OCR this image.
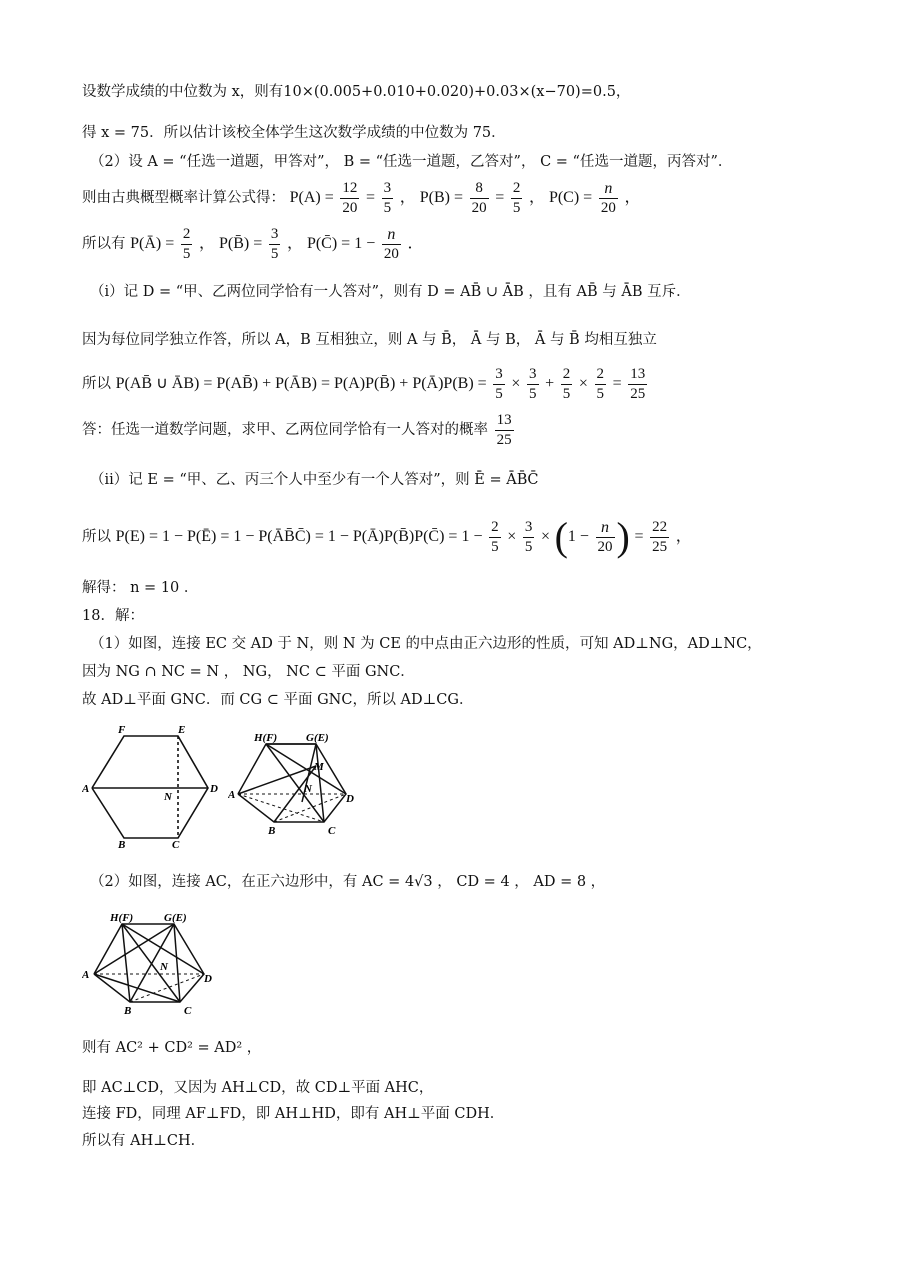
设数学成绩的中位数为 x，则有10×(0.005+0.010+0.020)+0.03×(x−70)=0.5，
得 x = 75．所以估计该校全体学生这次数学成绩的中位数为 75．
（2）设 A = “任选一道题，甲答对”， B = “任选一道题，乙答对”， C = “任选一道题，丙答对”．
则由古典概型概率计算公式得： $P(A) = \frac{12}{20} = \frac{3}{5}$ ， $P(B) = \frac{8}{20} = \frac{2}{5}$ ， $P(C) = \frac{n}{20}$ ，
所以有 P(Ā) = $\frac{2}{5}$ ， P(B̄) = $\frac{3}{5}$ ， P(C̄) = $1 - \frac{n}{20}$ ．
（i）记 D = “甲、乙两位同学恰有一人答对”，则有 D = AB̄ ∪ ĀB ，且有 AB̄ 与 ĀB 互斥．
因为每位同学独立作答，所以 A，B 互相独立，则 A 与 B̄， Ā 与 B， Ā 与 B̄ 均相互独立
所以 P(AB̄ ∪ ĀB) = P(AB̄) + P(ĀB) = P(A)P(B̄) + P(Ā)P(B) = $\frac{3}{5} \times \frac{3}{5} + \frac{2}{5} \times \frac{2}{5} = \frac{13}{25}$
答：任选一道数学问题，求甲、乙两位同学恰有一人答对的概率 $\frac{13}{25}$
（ii）记 E = “甲、乙、丙三个人中至少有一个人答对”，则 Ē = ĀB̄C̄
所以 P(E) = 1 − P(Ē) = 1 − P(ĀB̄C̄) = 1 − P(Ā)P(B̄)P(C̄) = $1 - \frac{2}{5} \times \frac{3}{5} \times (1 - \frac{n}{20}$ ) = $\frac{22}{25}$ ，
解得： n = 10 ．
18．解：
（1）如图，连接 EC 交 AD 于 N，则 N 为 CE 的中点由正六边形的性质，可知 AD⊥NG，AD⊥NC，
因为 NG ∩ NC = N ， NG， NC ⊂ 平面 GNC．
故 AD⊥平面 GNC．而 CG ⊂ 平面 GNC，所以 AD⊥CG．
F	E
A
N
D
B	C
H(F)	G(E)
M
A	N
D
B	C
（2）如图，连接 AC，在正六边形中，有 AC = 4√3 ， CD = 4 ， AD = 8 ，
H(F)	G(E)
A
N
D
B	C
则有 AC² + CD² = AD² ，
即 AC⊥CD，又因为 AH⊥CD，故 CD⊥平面 AHC，
连接 FD，同理 AF⊥FD，即 AH⊥HD，即有 AH⊥平面 CDH．
所以有 AH⊥CH．
